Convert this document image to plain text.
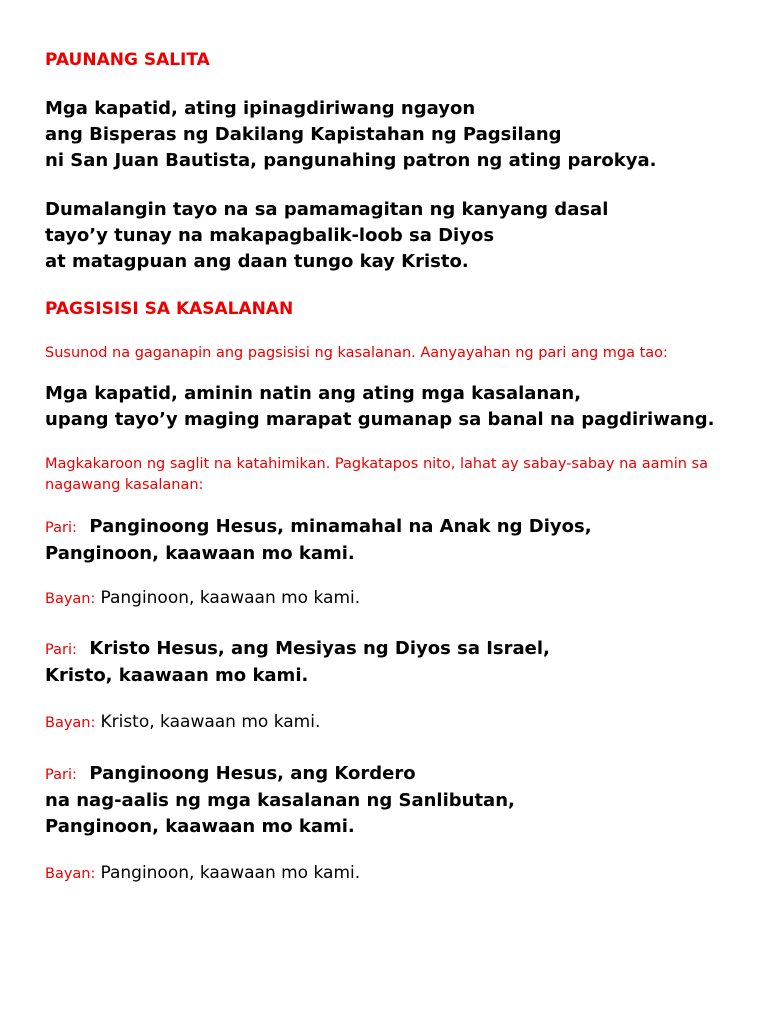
PAUNANG SALITA
Mga kapatid, ating ipinagdiriwang ngayon
ang Bisperas ng Dakilang Kapistahan ng Pagsilang
ni San Juan Bautista, pangunahing patron ng ating parokya.
Dumalangin tayo na sa pamamagitan ng kanyang dasal
tayo’y tunay na makapagbalik-loob sa Diyos
at matagpuan ang daan tungo kay Kristo.
PAGSISISI SA KASALANAN
Susunod na gaganapin ang pagsisisi ng kasalanan. Aanyayahan ng pari ang mga tao:
Mga kapatid, aminin natin ang ating mga kasalanan,
upang tayo’y maging marapat gumanap sa banal na pagdiriwang.
Magkakaroon ng saglit na katahimikan. Pagkatapos nito, lahat ay sabay-sabay na aamin sa
nagawang kasalanan:
Pari: Panginoong Hesus, minamahal na Anak ng Diyos,
Panginoon, kaawaan mo kami.
Bayan: Panginoon, kaawaan mo kami.
Pari: Kristo Hesus, ang Mesiyas ng Diyos sa Israel,
Kristo, kaawaan mo kami.
Bayan: Kristo, kaawaan mo kami.
Pari: Panginoong Hesus, ang Kordero
na nag-aalis ng mga kasalanan ng Sanlibutan,
Panginoon, kaawaan mo kami.
Bayan: Panginoon, kaawaan mo kami.
